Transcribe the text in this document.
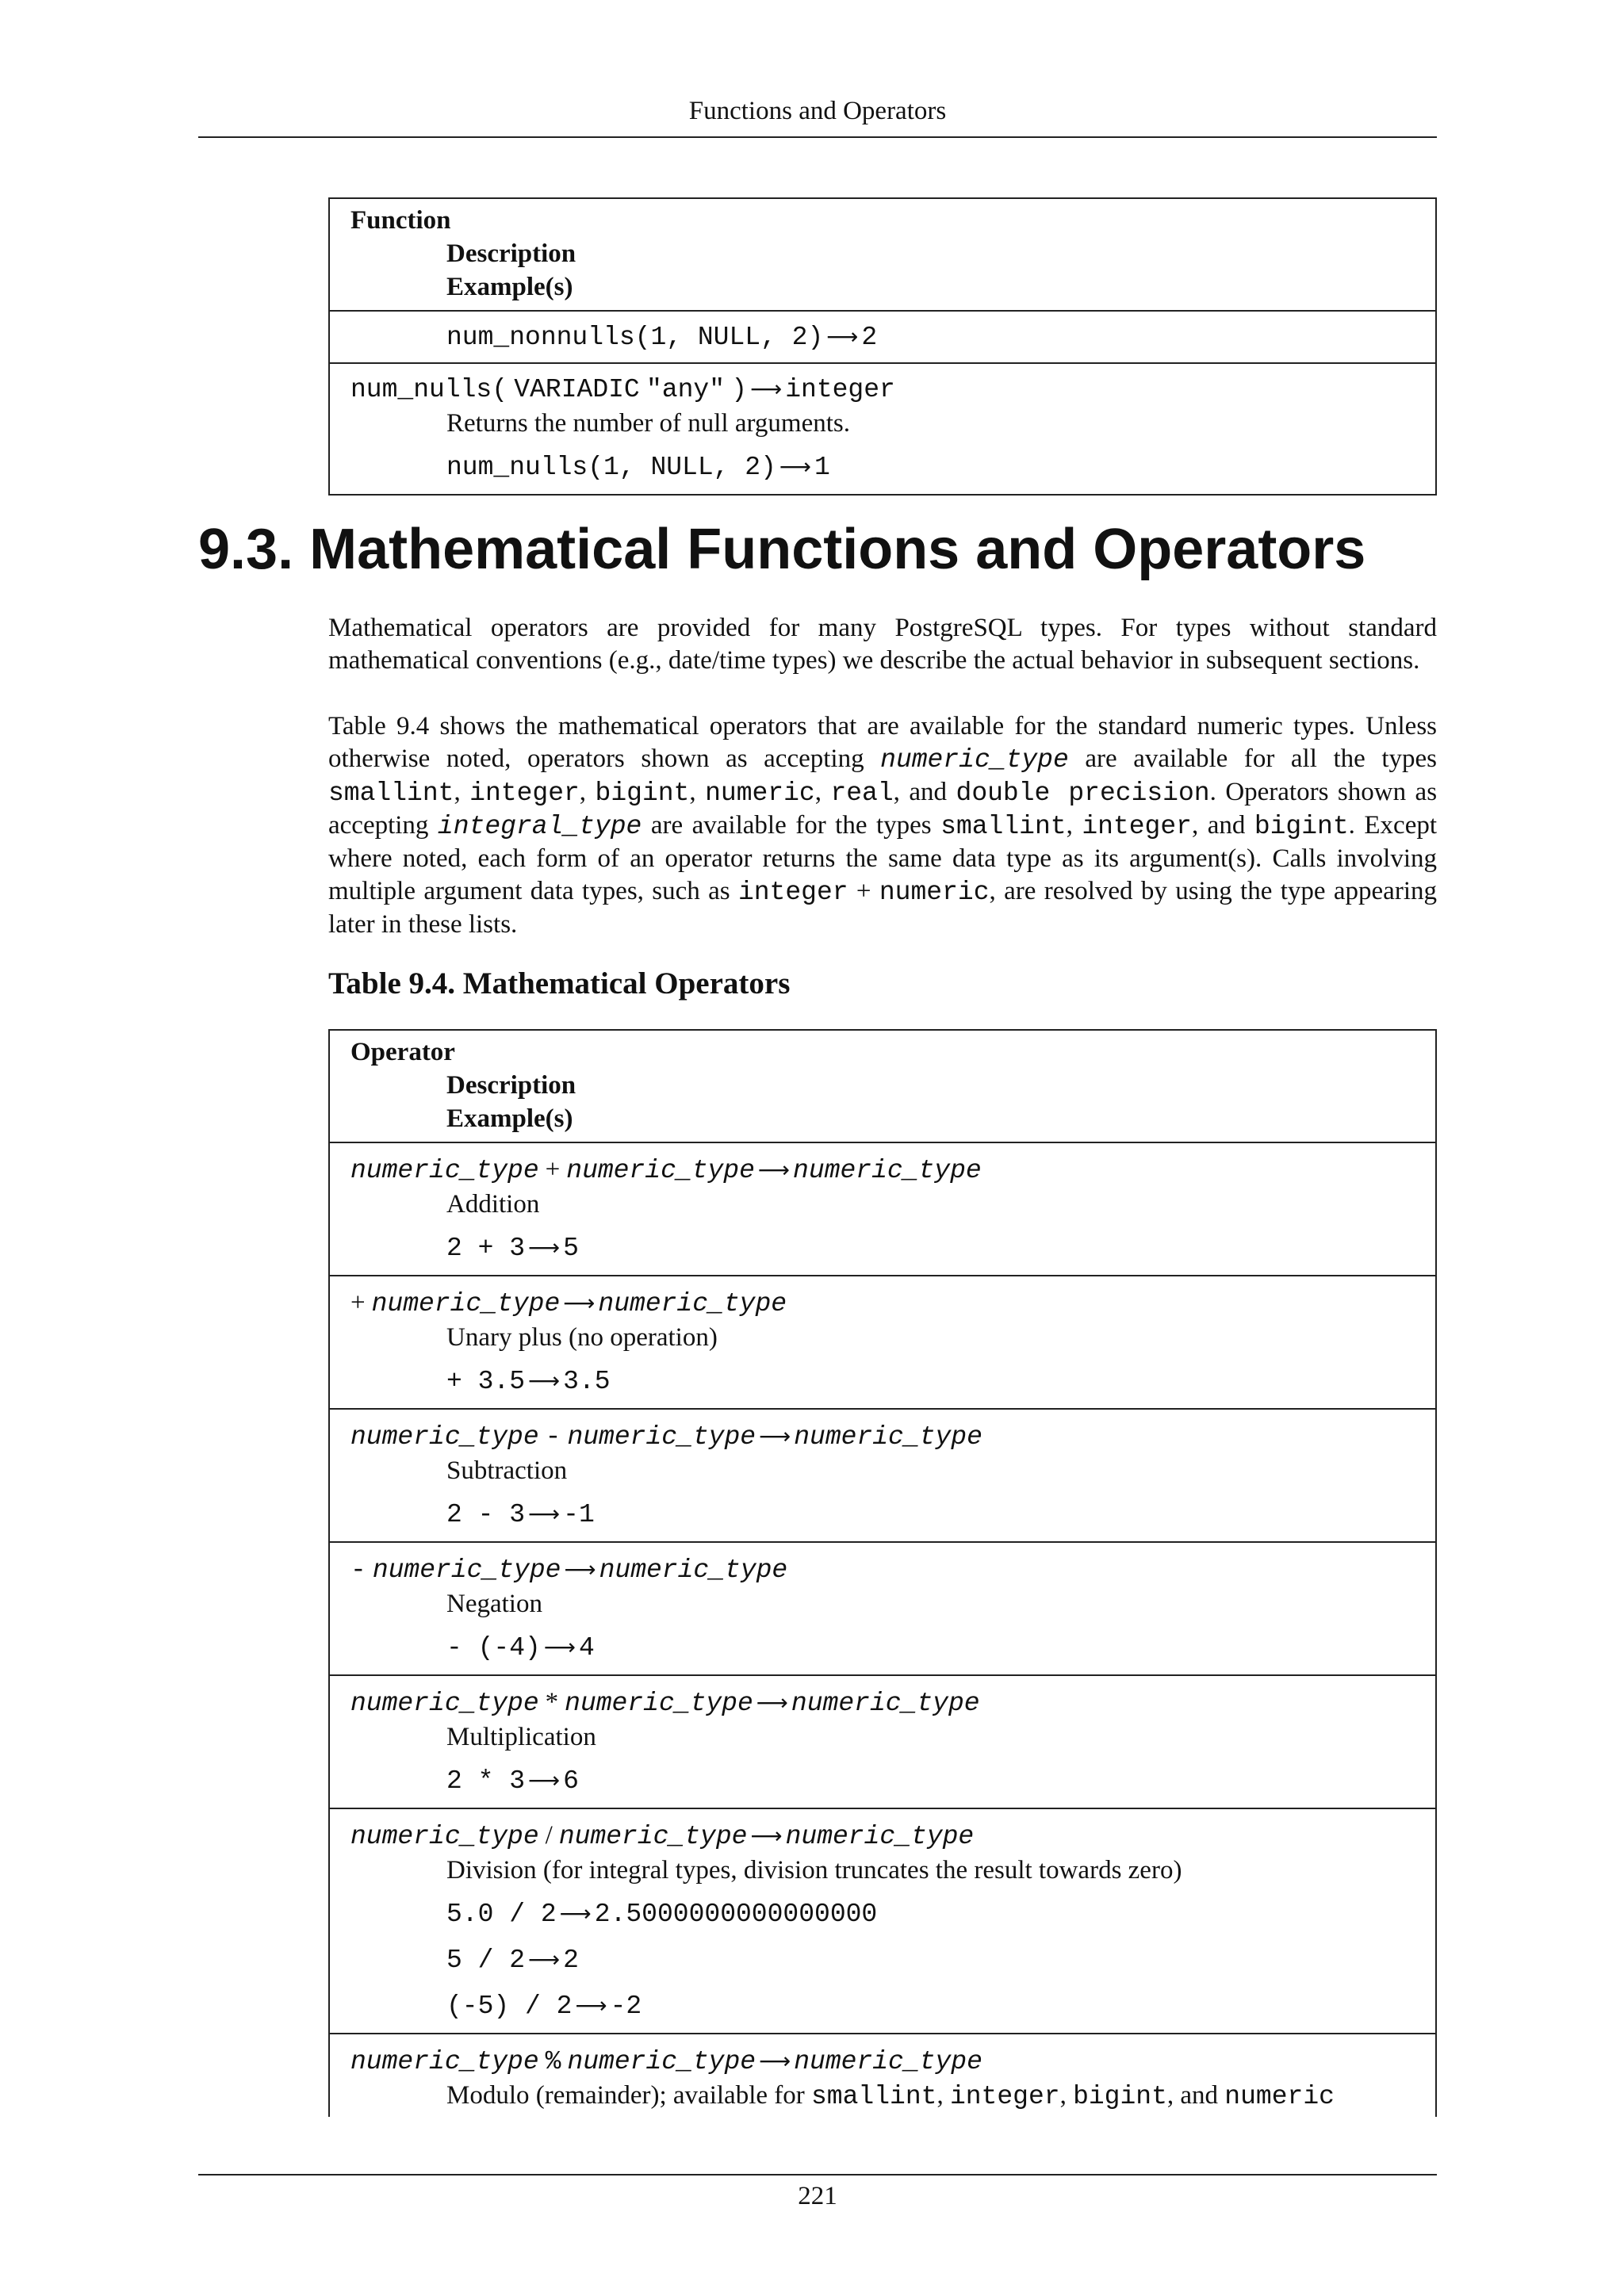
Functions and Operators
Function
Description
Example(s)

num_nonnulls(1, NULL, 2) ⟶ 2

num_nulls( VARIADIC "any" ) ⟶ integer
Returns the number of null arguments.
num_nulls(1, NULL, 2) ⟶ 1
9.3. Mathematical Functions and Operators

Mathematical operators are provided for many PostgreSQL types. For types without standard mathematical conventions (e.g., date/time types) we describe the actual behavior in subsequent sections.

Table 9.4 shows the mathematical operators that are available for the standard numeric types. Unless otherwise noted, operators shown as accepting numeric_type are available for all the types smallint, integer, bigint, numeric, real, and double precision. Operators shown as accepting integral_type are available for the types smallint, integer, and bigint. Except where noted, each form of an operator returns the same data type as its argument(s). Calls involving multiple argument data types, such as integer + numeric, are resolved by using the type appearing later in these lists.

Table 9.4. Mathematical Operators
Operator
Description
Example(s)

numeric_type + numeric_type ⟶ numeric_type
Addition
2 + 3 ⟶ 5

+ numeric_type ⟶ numeric_type
Unary plus (no operation)
+ 3.5 ⟶ 3.5

numeric_type - numeric_type ⟶ numeric_type
Subtraction
2 - 3 ⟶ -1

- numeric_type ⟶ numeric_type
Negation
- (-4) ⟶ 4

numeric_type * numeric_type ⟶ numeric_type
Multiplication
2 * 3 ⟶ 6

numeric_type / numeric_type ⟶ numeric_type
Division (for integral types, division truncates the result towards zero)
5.0 / 2 ⟶ 2.5000000000000000
5 / 2 ⟶ 2
(-5) / 2 ⟶ -2

numeric_type % numeric_type ⟶ numeric_type
Modulo (remainder); available for smallint, integer, bigint, and numeric
221
